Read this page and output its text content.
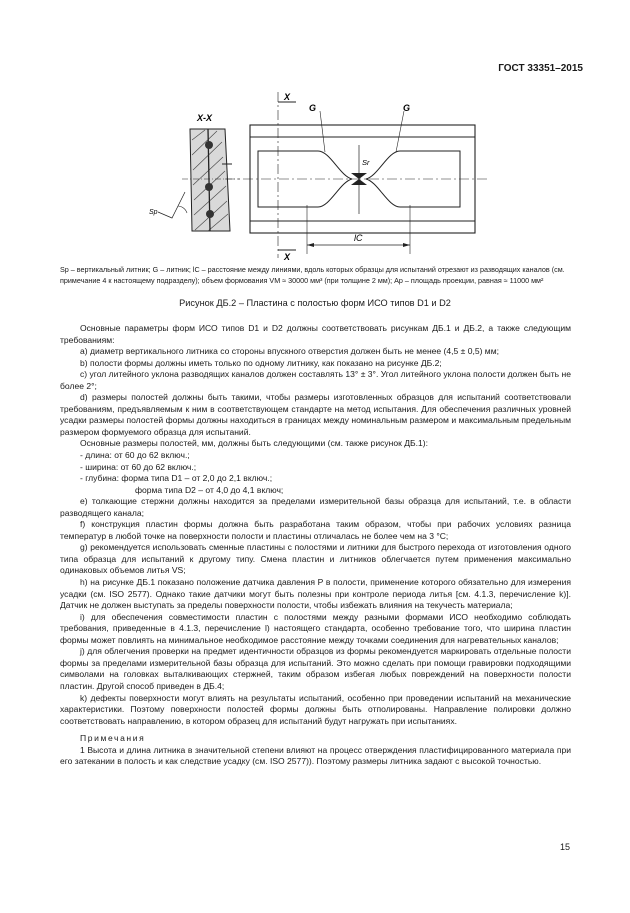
ГОСТ 33351–2015
X-X
Sp
G	G
Sr
X
X
lC
Sp – вертикальный литник; G – литник; lC – расстояние между линиями, вдоль которых образцы для испытаний отрезают из разводящих каналов (см. примечание 4 к настоящему подразделу); объем формования VM ≈ 30000 мм³ (при толщине 2 мм); Ap – площадь проекции, равная ≈ 11000 мм²
Рисунок ДБ.2 – Пластина с полостью форм ИСО типов D1 и D2

Основные параметры форм ИСО типов D1 и D2 должны соответствовать рисункам ДБ.1 и ДБ.2, а также следующим требованиям:

a) диаметр вертикального литника со стороны впускного отверстия должен быть не менее (4,5 ± 0,5) мм;

b) полости формы должны иметь только по одному литнику, как показано на рисунке ДБ.2;

c) угол литейного уклона разводящих каналов должен составлять 13° ± 3°. Угол литейного уклона полости должен быть не более 2°;

d) размеры полостей должны быть такими, чтобы размеры изготовленных образцов для испытаний соответствовали требованиям, предъявляемым к ним в соответствующем стандарте на метод испытания. Для обеспечения различных уровней усадки размеры полостей формы должны находиться в границах между номинальным размером и максимальным предельным размером формуемого образца для испытаний.

Основные размеры полостей, мм, должны быть следующими (см. также рисунок ДБ.1):

- длина: от 60 до 62 включ.;

- ширина: от 60 до 62 включ.;

- глубина: форма типа D1 – от 2,0 до 2,1 включ.;

форма типа D2 – от 4,0 до 4,1 включ;

e) толкающие стержни должны находится за пределами измерительной базы образца для испытаний, т.е. в области разводящего канала;

f) конструкция пластин формы должна быть разработана таким образом, чтобы при рабочих условиях разница температур в любой точке на поверхности полости и пластины отличалась не более чем на 3 °С;

g) рекомендуется использовать сменные пластины с полостями и литники для быстрого перехода от изготовления одного типа образца для испытаний к другому типу. Смена пластин и литников облегчается путем применения максимально одинаковых объемов литья VS;

h) на рисунке ДБ.1 показано положение датчика давления P в полости, применение которого обязательно для измерения усадки (см. ISO 2577). Однако такие датчики могут быть полезны при контроле периода литья [см. 4.1.3, перечисление k)]. Датчик не должен выступать за пределы поверхности полости, чтобы избежать влияния на текучесть материала;

i) для обеспечения совместимости пластин с полостями между разными формами ИСО необходимо соблюдать требования, приведенные в 4.1.3, перечисление l) настоящего стандарта, особенно требование того, что ширина пластин формы может повлиять на минимальное необходимое расстояние между точками соединения для нагревательных каналов;

j) для облегчения проверки на предмет идентичности образцов из формы рекомендуется маркировать отдельные полости формы за пределами измерительной базы образца для испытаний. Это можно сделать при помощи гравировки подходящими символами на головках выталкивающих стержней, таким образом избегая любых повреждений на поверхности полости пластин. Другой способ приведен в ДБ.4;

k) дефекты поверхности могут влиять на результаты испытаний, особенно при проведении испытаний на механические характеристики. Поэтому поверхности полостей формы должны быть отполированы. Направление полировки должно соответствовать направлению, в котором образец для испытаний будут нагружать при испытаниях.

Примечания

1 Высота и длина литника в значительной степени влияют на процесс отверждения пластифицированного материала при его затекании в полость и как следствие усадку (см. ISO 2577)). Поэтому размеры литника задают с высокой точностью.

15
